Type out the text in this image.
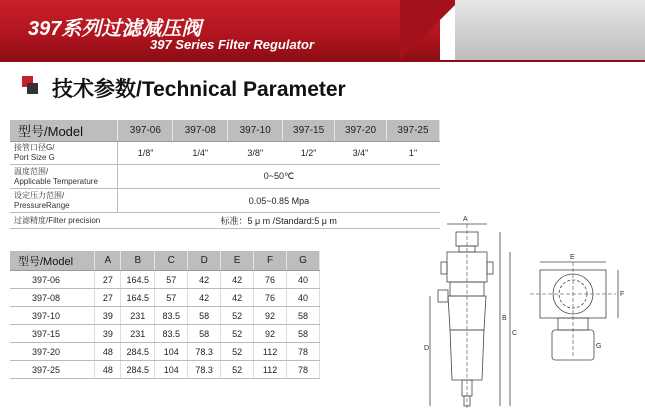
397系列过滤减压阀
397 Series Filter Regulator
技术参数/Technical Parameter
型号/Model	397-06	397-08	397-10	397-15	397-20	397-25

接管口径G/
Port Size G	1/8"	1/4"	3/8"	1/2"	3/4"	1"

温度范围/
Applicable Temperature	0~50℃					

设定压力范围/
PressureRange	0.05~0.85 Mpa					
过滤精度/Filter precision	标准：5 μ m /Standard:5 μ m					
型号/Model	A	B	C	D	E	F	G
397-06	27	164.5	57	42	42	76	40
397-08	27	164.5	57	42	42	76	40
397-10	39	231	83.5	58	52	92	58
397-15	39	231	83.5	58	52	92	58
397-20	48	284.5	104	78.3	52	112	78
397-25	48	284.5	104	78.3	52	112	78
A
B
C
D
E
F
G
